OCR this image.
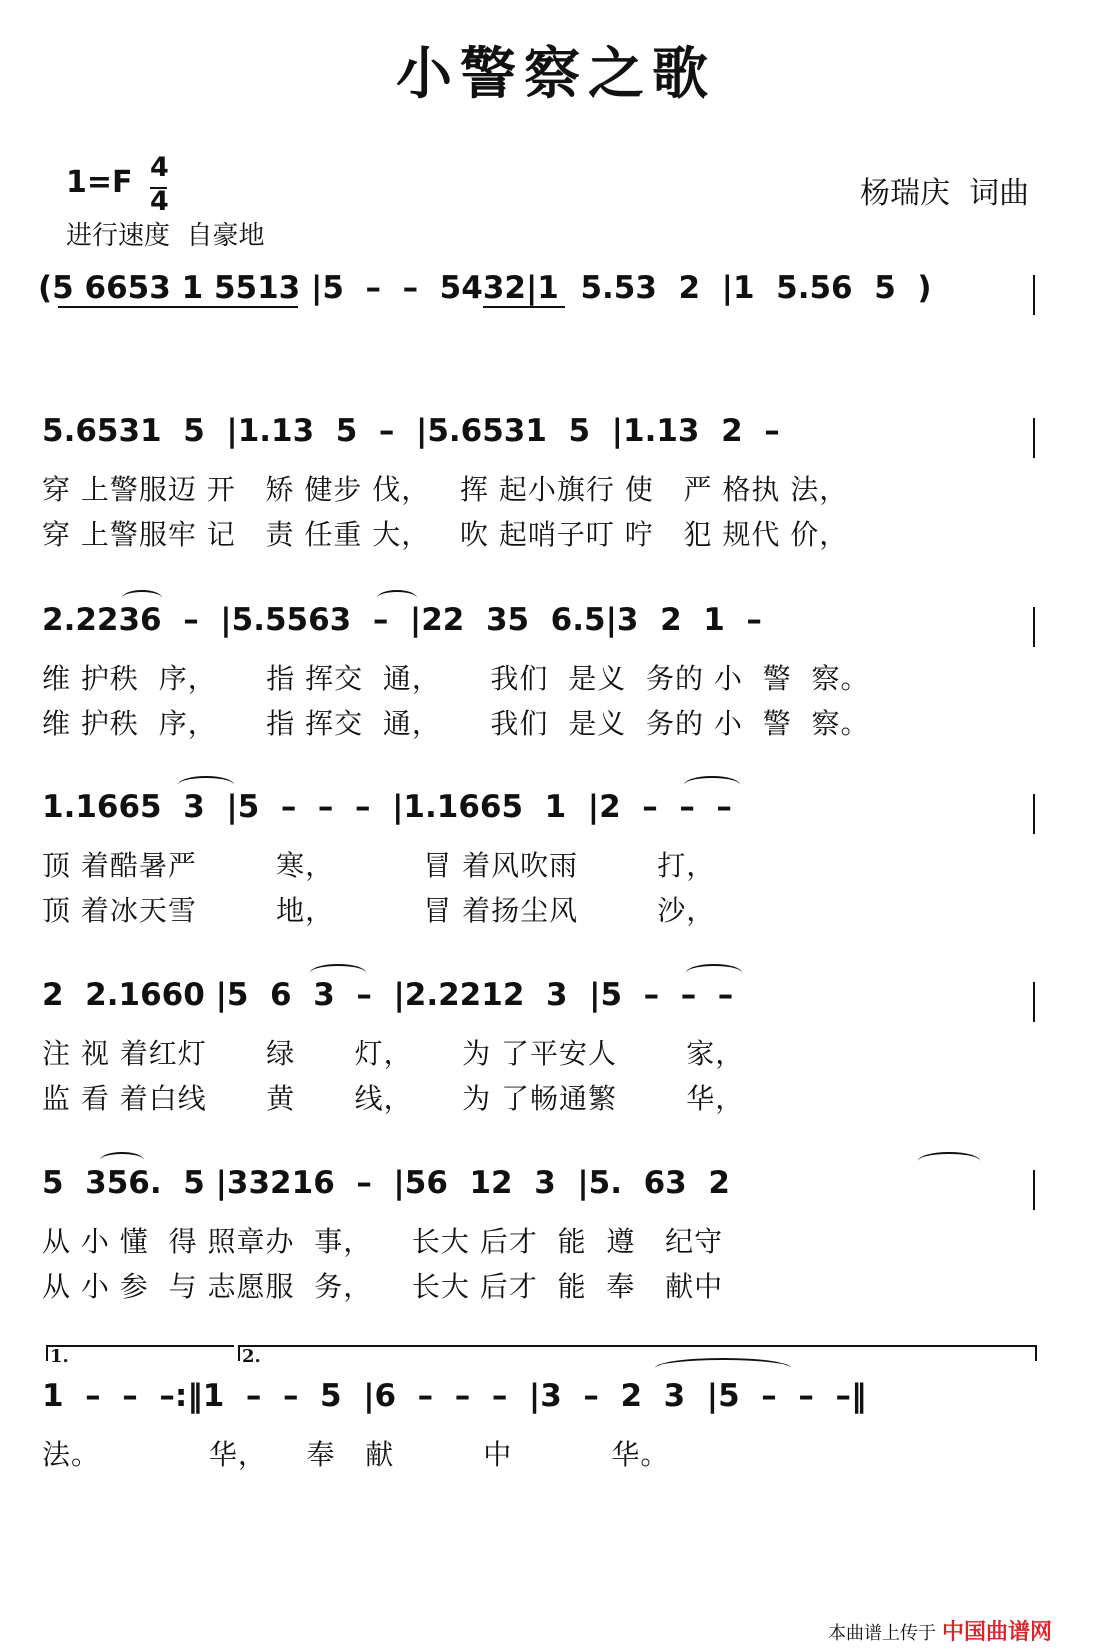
小警察之歌
1=F 4
4	杨瑞庆  词曲
进行速度  自豪地
(5 6653 1 5513 |5  –  –  5432|1  5.53  2  |1  5.56  5  )
5.6531  5  |1.13  5  –  |5.6531  5  |1.13  2  –
穿 上警服迈 开   矫 健步 伐，   挥 起小旗行 使   严 格执 法，
穿 上警服牢 记   责 任重 大，   吹 起哨子叮 咛   犯 规代 价，
2.2236  –  |5.5563  –  |22  35  6.5|3  2  1  –
维 护秩  序，     指 挥交  通，     我们  是义  务的 小  警  察。
维 护秩  序，     指 挥交  通，     我们  是义  务的 小  警  察。
1.1665  3  |5  –  –  –  |1.1665  1  |2  –  –  –
顶 着酷暑严        寒，         冒 着风吹雨        打，
顶 着冰天雪        地，         冒 着扬尘风        沙，
2  2.1660 |5  6  3  –  |2.2212  3  |5  –  –  –
注 视 着红灯      绿      灯，     为 了平安人       家，
监 看 着白线      黄      线，     为 了畅通繁       华，
5  356.  5 |33216  –  |56  12  3  |5.  63  2
从 小 懂  得 照章办  事，    长大 后才  能  遵   纪守
从 小 参  与 志愿服  务，    长大 后才  能  奉   献中
1.	2.
1  –  –  –:‖1  –  –  5  |6  –  –  –  |3  –  2  3  |5  –  –  –‖
法。           华，    奉   献         中          华。

本曲谱上传于 中国曲谱网
